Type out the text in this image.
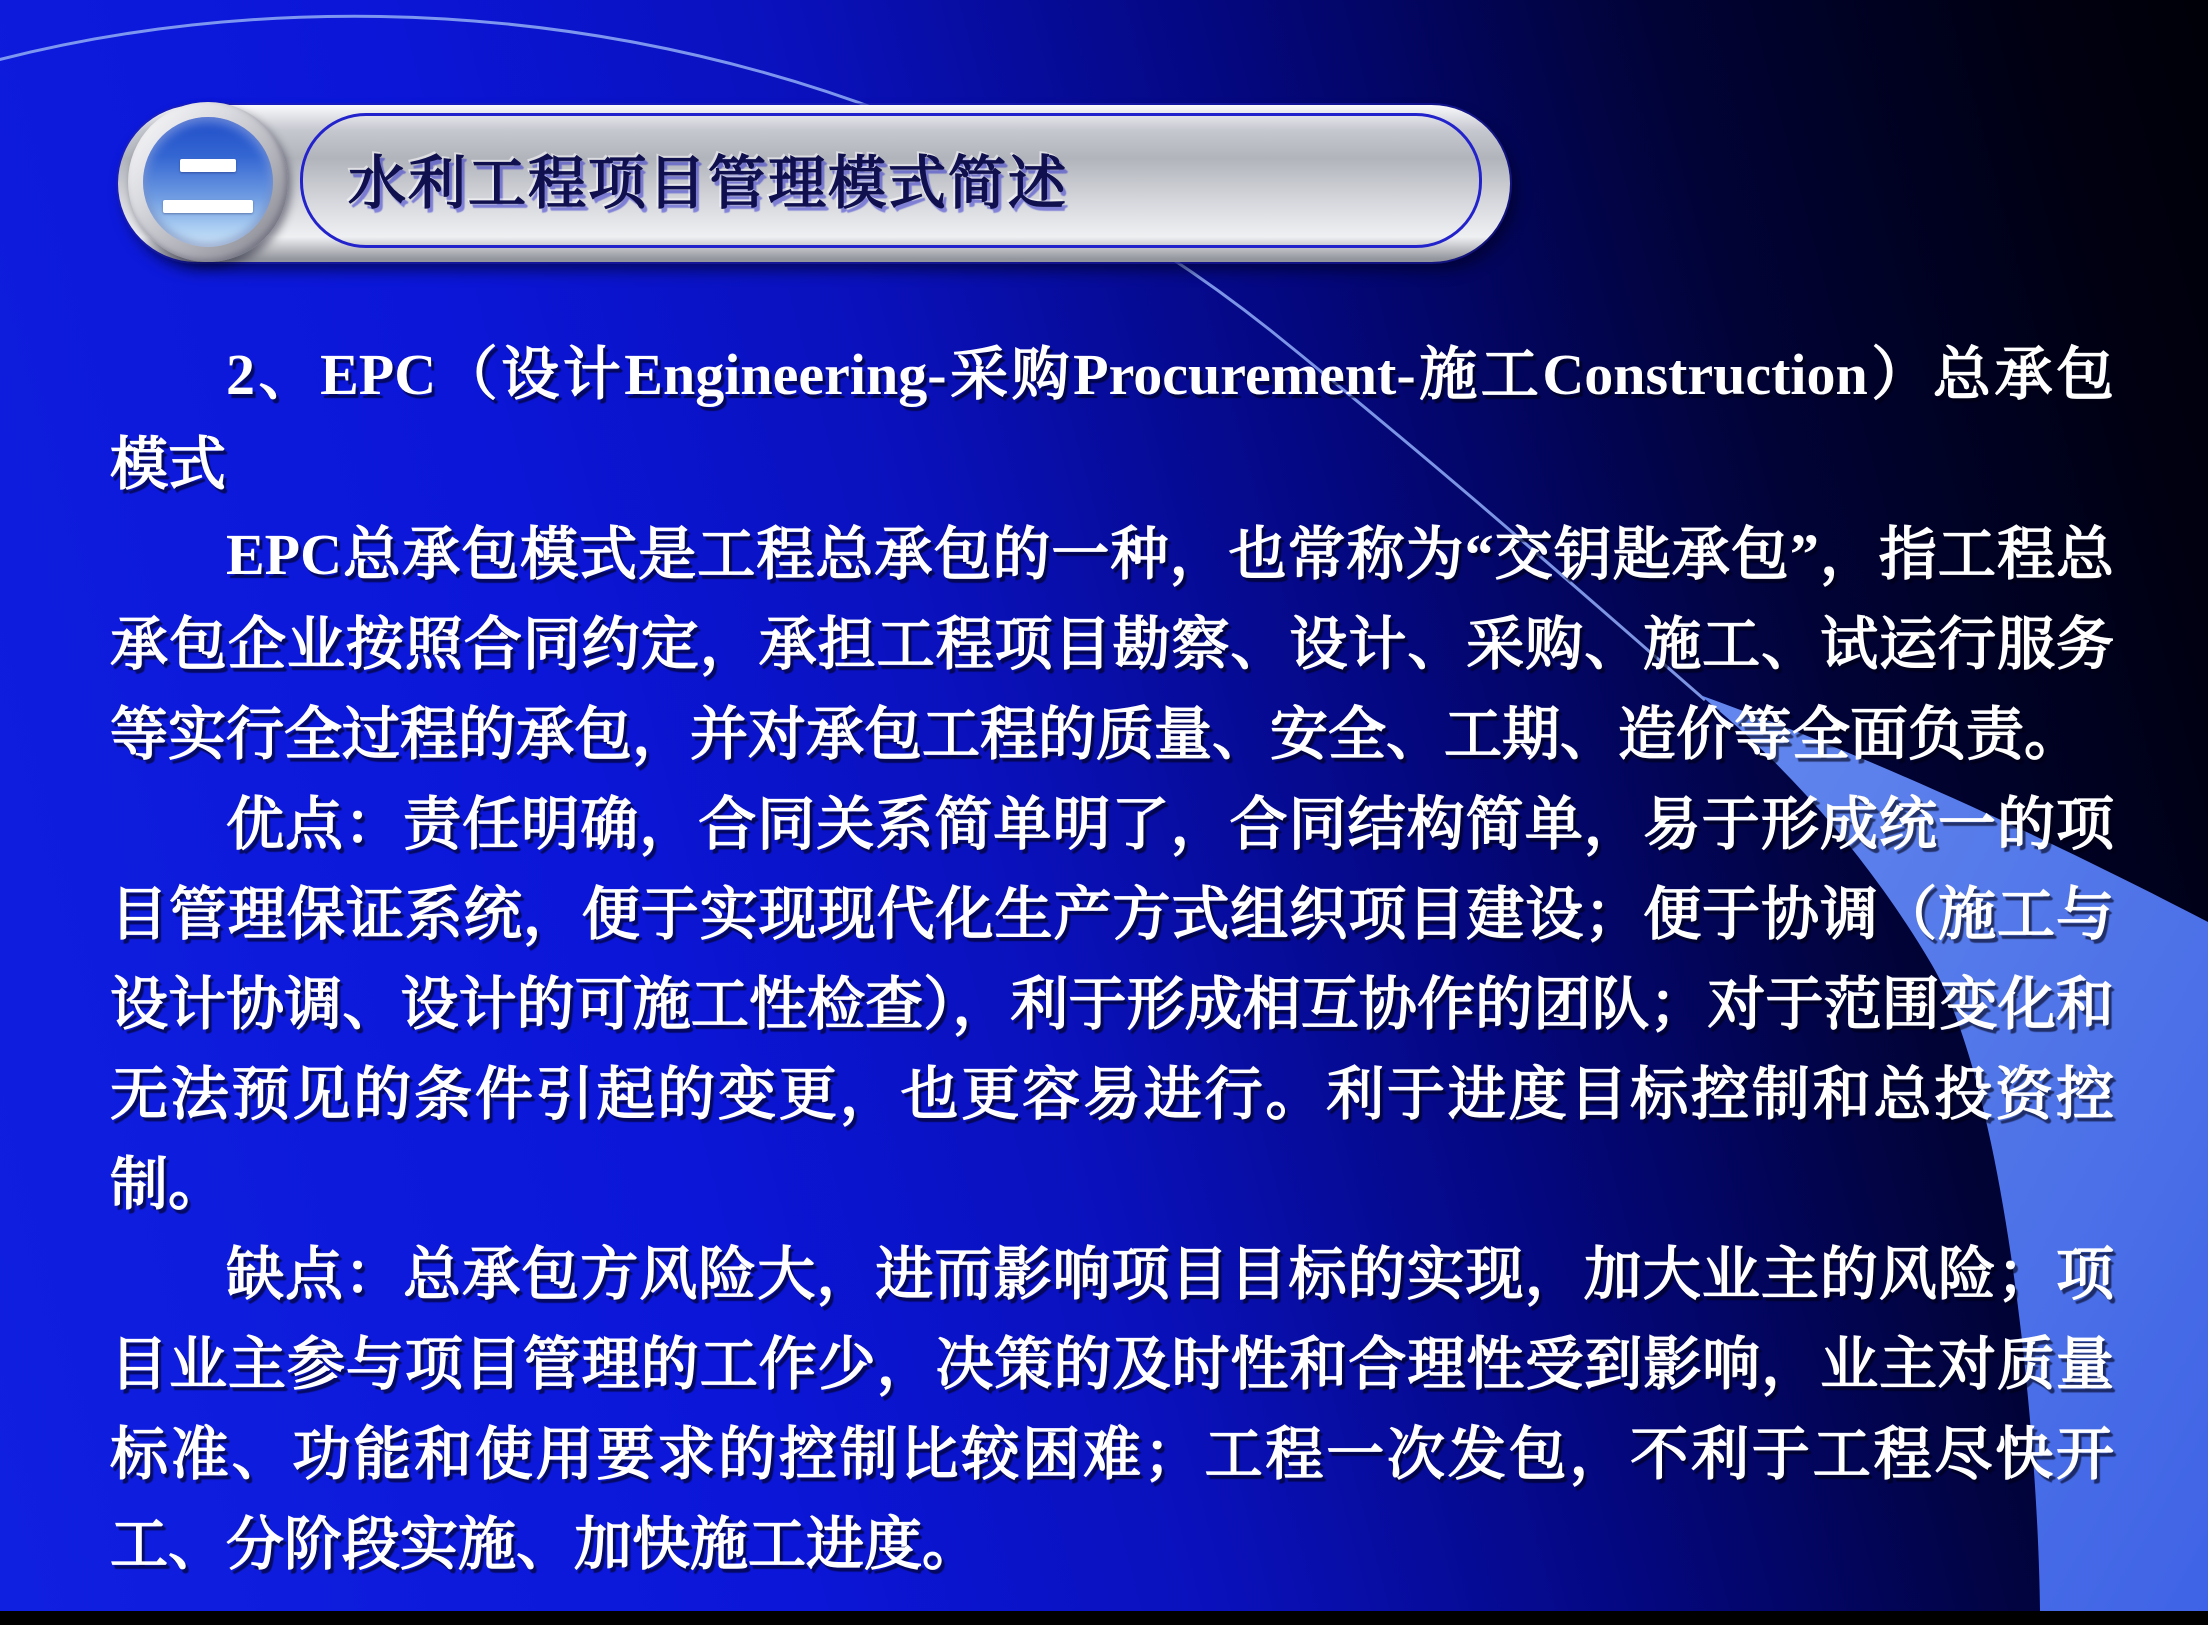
水利工程项目管理模式简述

2、EPC（设计Engineering-采购Procurement-施工Construction）总承包模式

EPC总承包模式是工程总承包的一种，也常称为“交钥匙承包”，指工程总承包企业按照合同约定，承担工程项目勘察、设计、采购、施工、试运行服务等实行全过程的承包，并对承包工程的质量、安全、工期、造价等全面负责。

优点：责任明确，合同关系简单明了，合同结构简单，易于形成统一的项目管理保证系统，便于实现现代化生产方式组织项目建设；便于协调（施工与设计协调、设计的可施工性检查），利于形成相互协作的团队；对于范围变化和无法预见的条件引起的变更，也更容易进行。利于进度目标控制和总投资控制。

缺点：总承包方风险大，进而影响项目目标的实现，加大业主的风险；项目业主参与项目管理的工作少，决策的及时性和合理性受到影响，业主对质量标准、功能和使用要求的控制比较困难；工程一次发包，不利于工程尽快开工、分阶段实施、加快施工进度。
